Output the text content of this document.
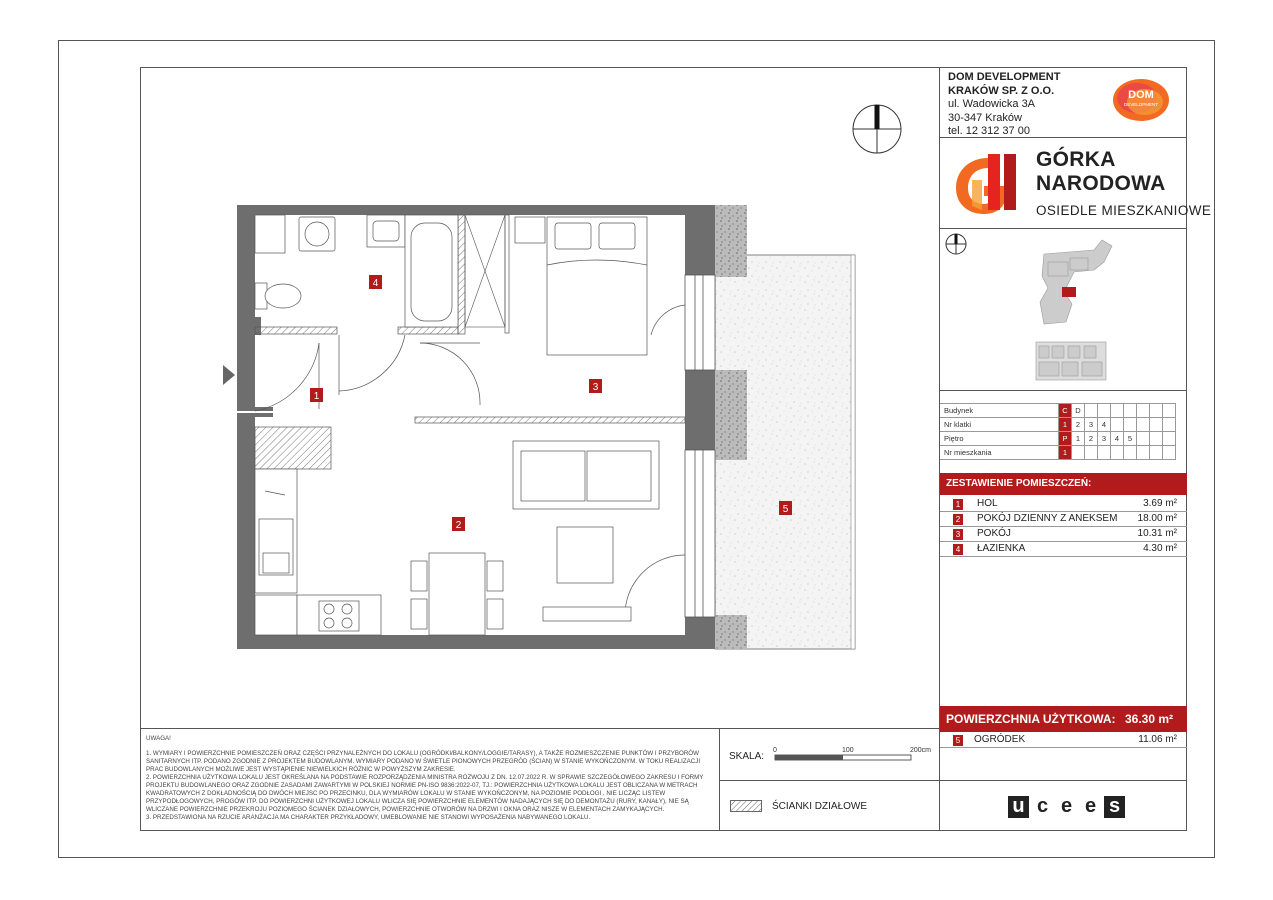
DOM DEVELOPMENT
KRAKÓW SP. Z O.O.
ul. Wadowicka 3A
30-347 Kraków
tel. 12 312 37 00
DOM
DEVELOPMENT
GÓRKA
NARODOWA
OSIEDLE MIESZKANIOWE
Budynek	C	D							
Nr klatki	1	2	3	4					
Piętro	P	1	2	3	4	5			
Nr mieszkania	1								
ZESTAWIENIE POMIESZCZEŃ:
1 HOL	3.69 m²
2 POKÓJ DZIENNY Z ANEKSEM 18.00 m²
3 POKÓJ	10.31 m²
4 ŁAZIENKA	4.30 m²
POWIERZCHNIA UŻYTKOWA: 36.30 m²
5 OGRÓDEK	11.06 m²

UWAGA!

1. WYMIARY I POWIERZCHNIE POMIESZCZEŃ ORAZ CZĘŚCI PRZYNALEŻNYCH DO LOKALU (OGRÓDKI/BALKONY/LOGGIE/TARASY), A TAKŻE ROZMIESZCZENIE PUNKTÓW I PRZYBORÓW SANITARNYCH ITP. PODANO ZGODNIE Z PROJEKTEM BUDOWLANYM. WYMIARY PODANO W ŚWIETLE PIONOWYCH PRZEGRÓD (ŚCIAN) W STANIE WYKOŃCZONYM. W TOKU REALIZACJI PRAC BUDOWLANYCH MOŻLIWE JEST WYSTĄPIENIE NIEWIELKICH RÓŻNIC W POWYŻSZYM ZAKRESIE.

2. POWIERZCHNIA UŻYTKOWA LOKALU JEST OKREŚLANA NA PODSTAWIE ROZPORZĄDZENIA MINISTRA ROZWOJU Z DN. 12.07.2022 R. W SPRAWIE SZCZEGÓŁOWEGO ZAKRESU I FORMY PROJEKTU BUDOWLANEGO ORAZ ZGODNIE ZASADAMI ZAWARTYMI W POLSKIEJ NORMIE PN-ISO 9836:2022-07, TJ.: POWIERZCHNIA UŻYTKOWA LOKALU JEST OBLICZANA W METRACH KWADRATOWYCH Z DOKŁADNOŚCIĄ DO DWÓCH MIEJSC PO PRZECINKU, DLA WYMIARÓW LOKALU W STANIE WYKOŃCZONYM, NA POZIOMIE PODŁOGI , NIE LICZĄC LISTEW PRZYPODŁOGOWYCH, PROGÓW ITP. DO POWIERZCHNI UŻYTKOWEJ LOKALU WLICZA SIĘ POWIERZCHNIE ELEMENTÓW NADAJĄCYCH SIĘ DO DEMONTAŻU (RURY, KANAŁY), NIE SĄ WLICZANE POWIERZCHNIE PRZEKROJU POZIOMEGO ŚCIANEK DZIAŁOWYCH, POWIERZCHNIE OTWORÓW NA DRZWI I OKNA ORAZ NISZE W ELEMENTACH ZAMYKAJĄCYCH.

3. PRZEDSTAWIONA NA RZUCIE ARANŻACJA MA CHARAKTER PRZYKŁADOWY, UMEBLOWANIE NIE STANOWI WYPOSAŻENIA NABYWANEGO LOKALU.

SKALA:
0	100	200cm
ŚCIANKI DZIAŁOWE	u c e e s
1
2
3
4
5
